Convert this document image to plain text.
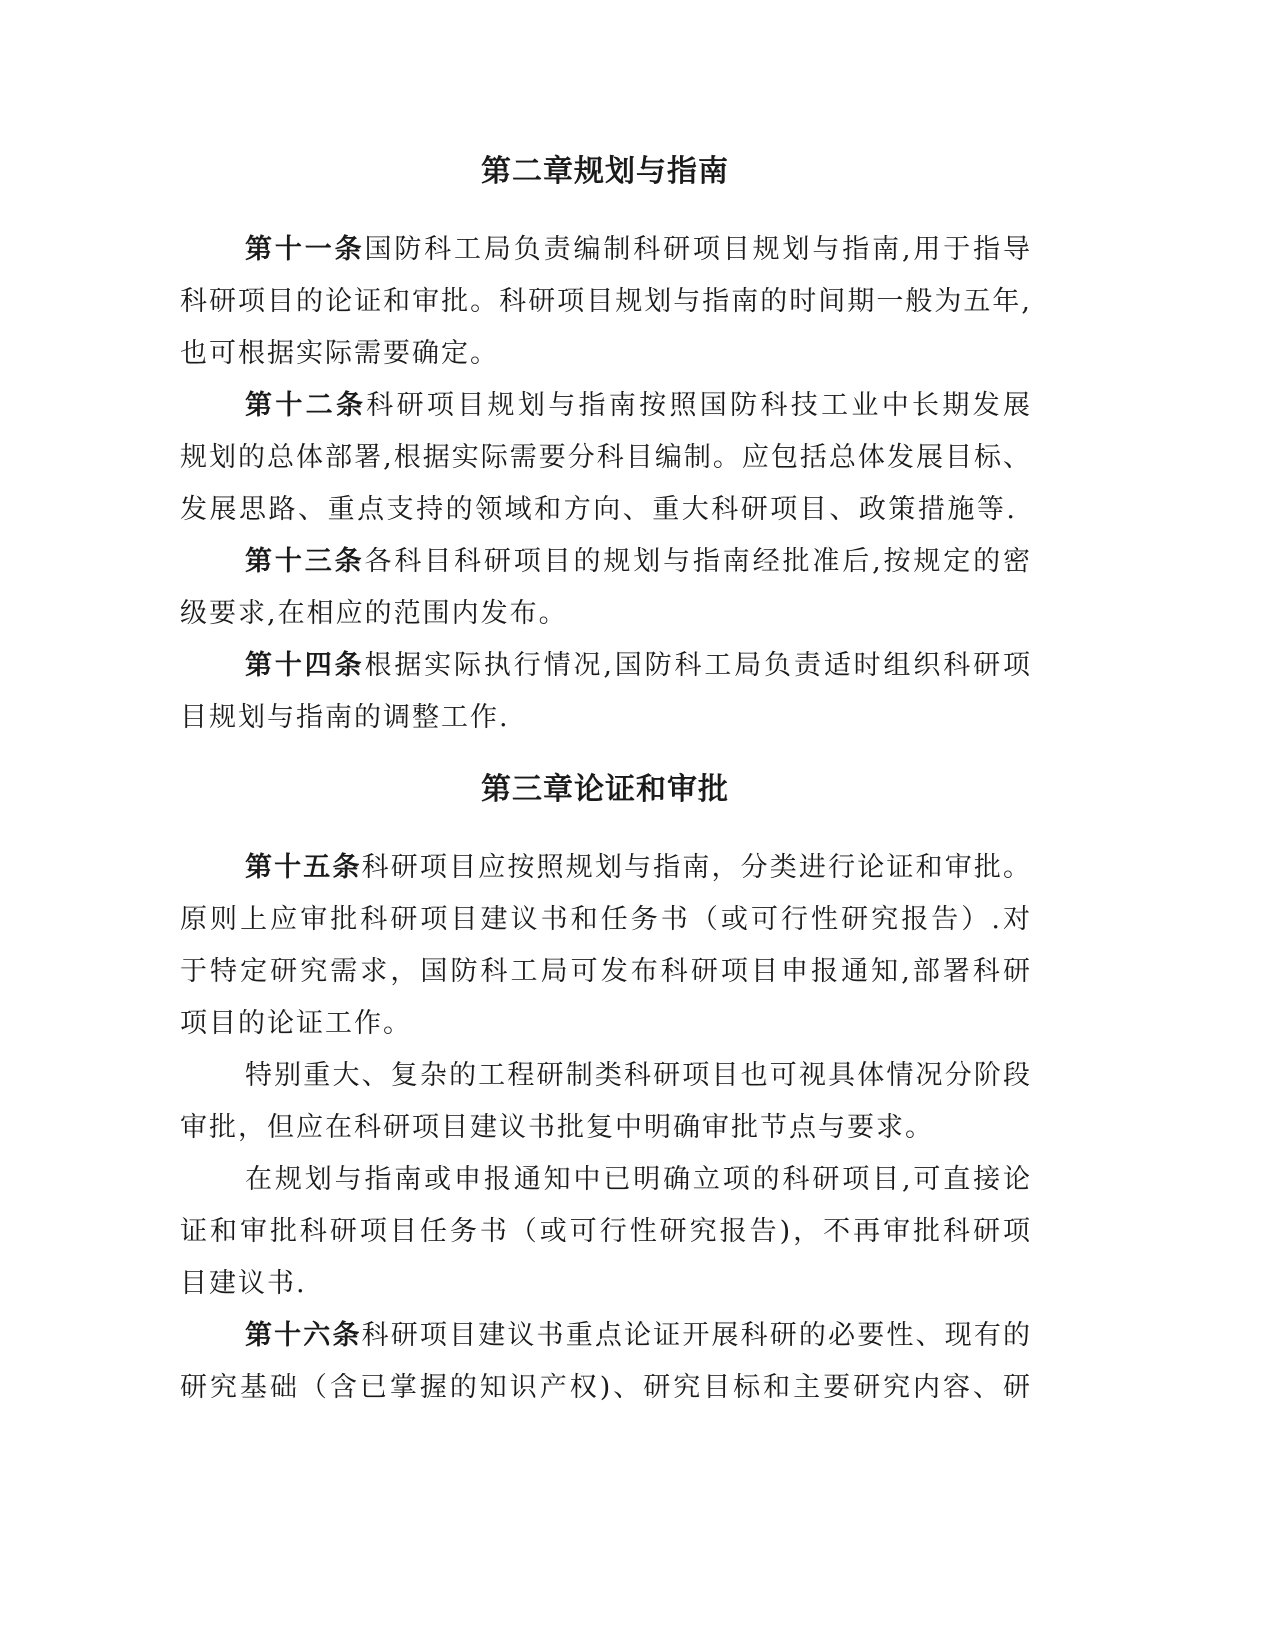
第二章规划与指南
第十一条国防科工局负责编制科研项目规划与指南,用于指导
科研项目的论证和审批。科研项目规划与指南的时间期一般为五年,
也可根据实际需要确定。
第十二条科研项目规划与指南按照国防科技工业中长期发展
规划的总体部署,根据实际需要分科目编制。应包括总体发展目标、
发展思路、重点支持的领域和方向、重大科研项目、政策措施等.
第十三条各科目科研项目的规划与指南经批准后,按规定的密
级要求,在相应的范围内发布。
第十四条根据实际执行情况,国防科工局负责适时组织科研项
目规划与指南的调整工作.
第三章论证和审批
第十五条科研项目应按照规划与指南，分类进行论证和审批。
原则上应审批科研项目建议书和任务书（或可行性研究报告）.对
于特定研究需求，国防科工局可发布科研项目申报通知,部署科研
项目的论证工作。
特别重大、复杂的工程研制类科研项目也可视具体情况分阶段
审批，但应在科研项目建议书批复中明确审批节点与要求。
在规划与指南或申报通知中已明确立项的科研项目,可直接论
证和审批科研项目任务书（或可行性研究报告)，不再审批科研项
目建议书.
第十六条科研项目建议书重点论证开展科研的必要性、现有的
研究基础（含已掌握的知识产权)、研究目标和主要研究内容、研
